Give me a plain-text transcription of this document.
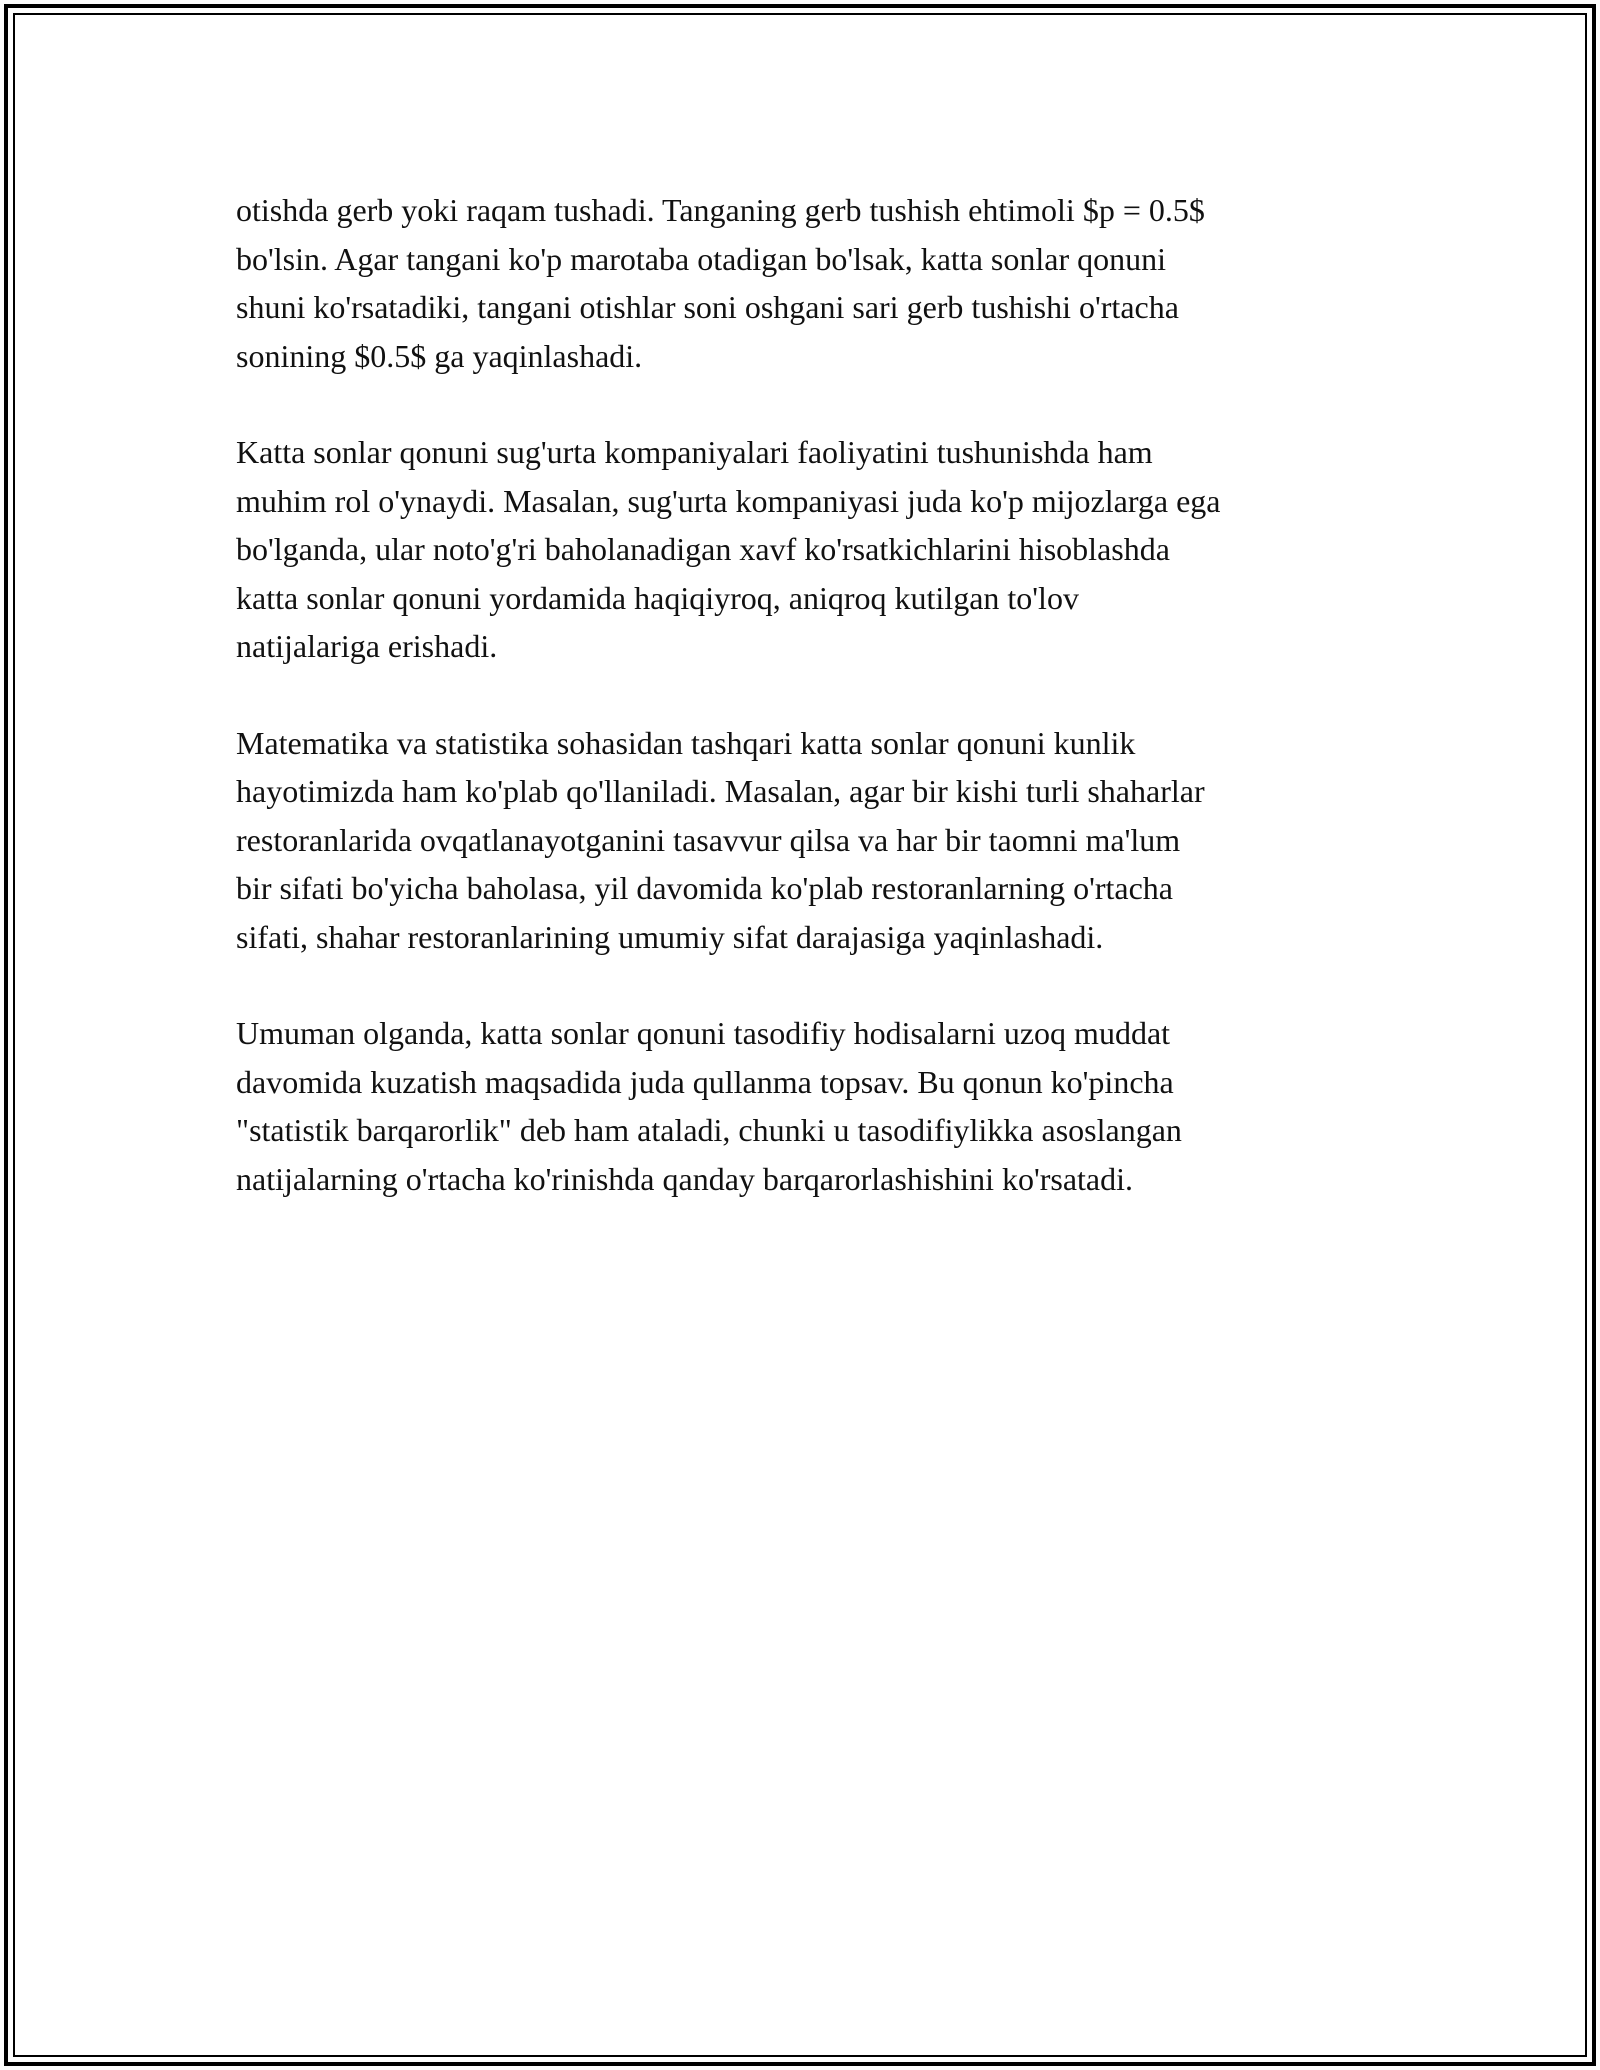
otishda gerb yoki raqam tushadi. Tanganing gerb tushish ehtimoli $p = 0.5$
bo'lsin. Agar tangani ko'p marotaba otadigan bo'lsak, katta sonlar qonuni
shuni ko'rsatadiki, tangani otishlar soni oshgani sari gerb tushishi o'rtacha
sonining $0.5$ ga yaqinlashadi.

Katta sonlar qonuni sug'urta kompaniyalari faoliyatini tushunishda ham
muhim rol o'ynaydi. Masalan, sug'urta kompaniyasi juda ko'p mijozlarga ega
bo'lganda, ular noto'g'ri baholanadigan xavf ko'rsatkichlarini hisoblashda
katta sonlar qonuni yordamida haqiqiyroq, aniqroq kutilgan to'lov
natijalariga erishadi.

Matematika va statistika sohasidan tashqari katta sonlar qonuni kunlik
hayotimizda ham ko'plab qo'llaniladi. Masalan, agar bir kishi turli shaharlar
restoranlarida ovqatlanayotganini tasavvur qilsa va har bir taomni ma'lum
bir sifati bo'yicha baholasa, yil davomida ko'plab restoranlarning o'rtacha
sifati, shahar restoranlarining umumiy sifat darajasiga yaqinlashadi.

Umuman olganda, katta sonlar qonuni tasodifiy hodisalarni uzoq muddat
davomida kuzatish maqsadida juda qullanma topsav. Bu qonun ko'pincha
"statistik barqarorlik" deb ham ataladi, chunki u tasodifiylikka asoslangan
natijalarning o'rtacha ko'rinishda qanday barqarorlashishini ko'rsatadi.
